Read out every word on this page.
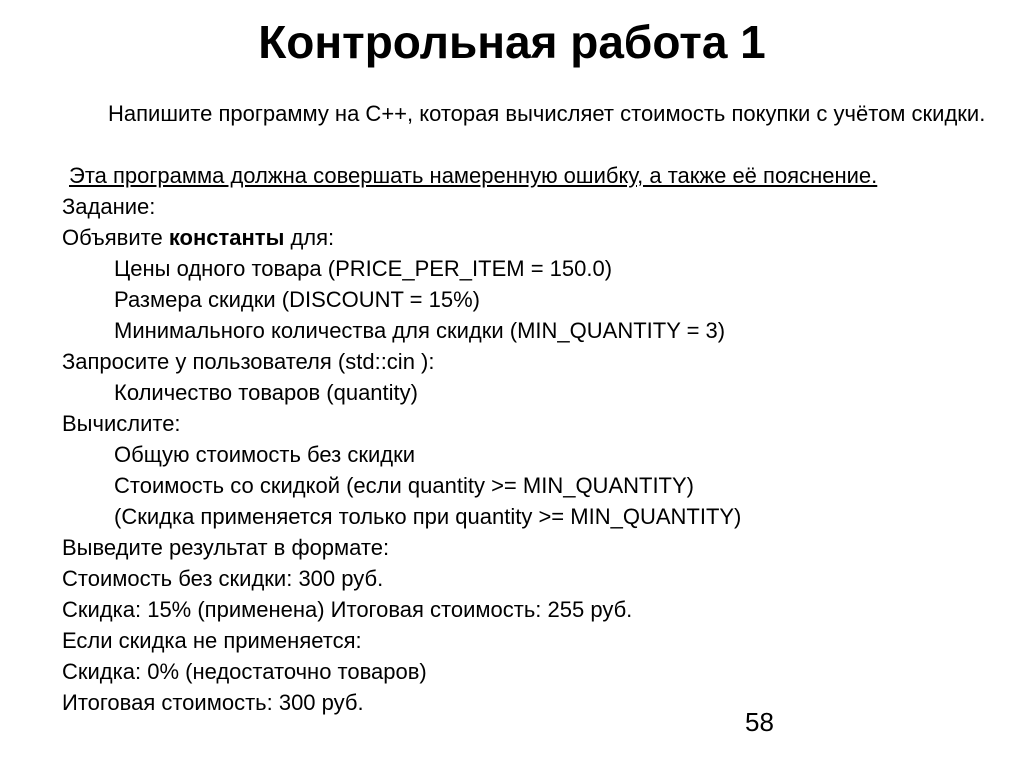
Контрольная работа 1

Напишите программу на С++, которая вычисляет стоимость покупки с учётом скидки.

Эта программа должна совершать намеренную ошибку, а также её пояснение.

Задание:

Объявите константы для:

Цены одного товара (PRICE_PER_ITEM = 150.0)

Размера скидки (DISCOUNT = 15%)

Минимального количества для скидки (MIN_QUANTITY = 3)

Запросите у пользователя (std::cin ):

Количество товаров (quantity)

Вычислите:

Общую стоимость без скидки

Стоимость со скидкой (если quantity >= MIN_QUANTITY)

(Скидка применяется только при quantity >= MIN_QUANTITY)

Выведите результат в формате:

Стоимость без скидки: 300 руб.

Скидка: 15% (применена) Итоговая стоимость: 255 руб.

Если скидка не применяется:

Скидка: 0% (недостаточно товаров)

Итоговая стоимость: 300 руб.

58
